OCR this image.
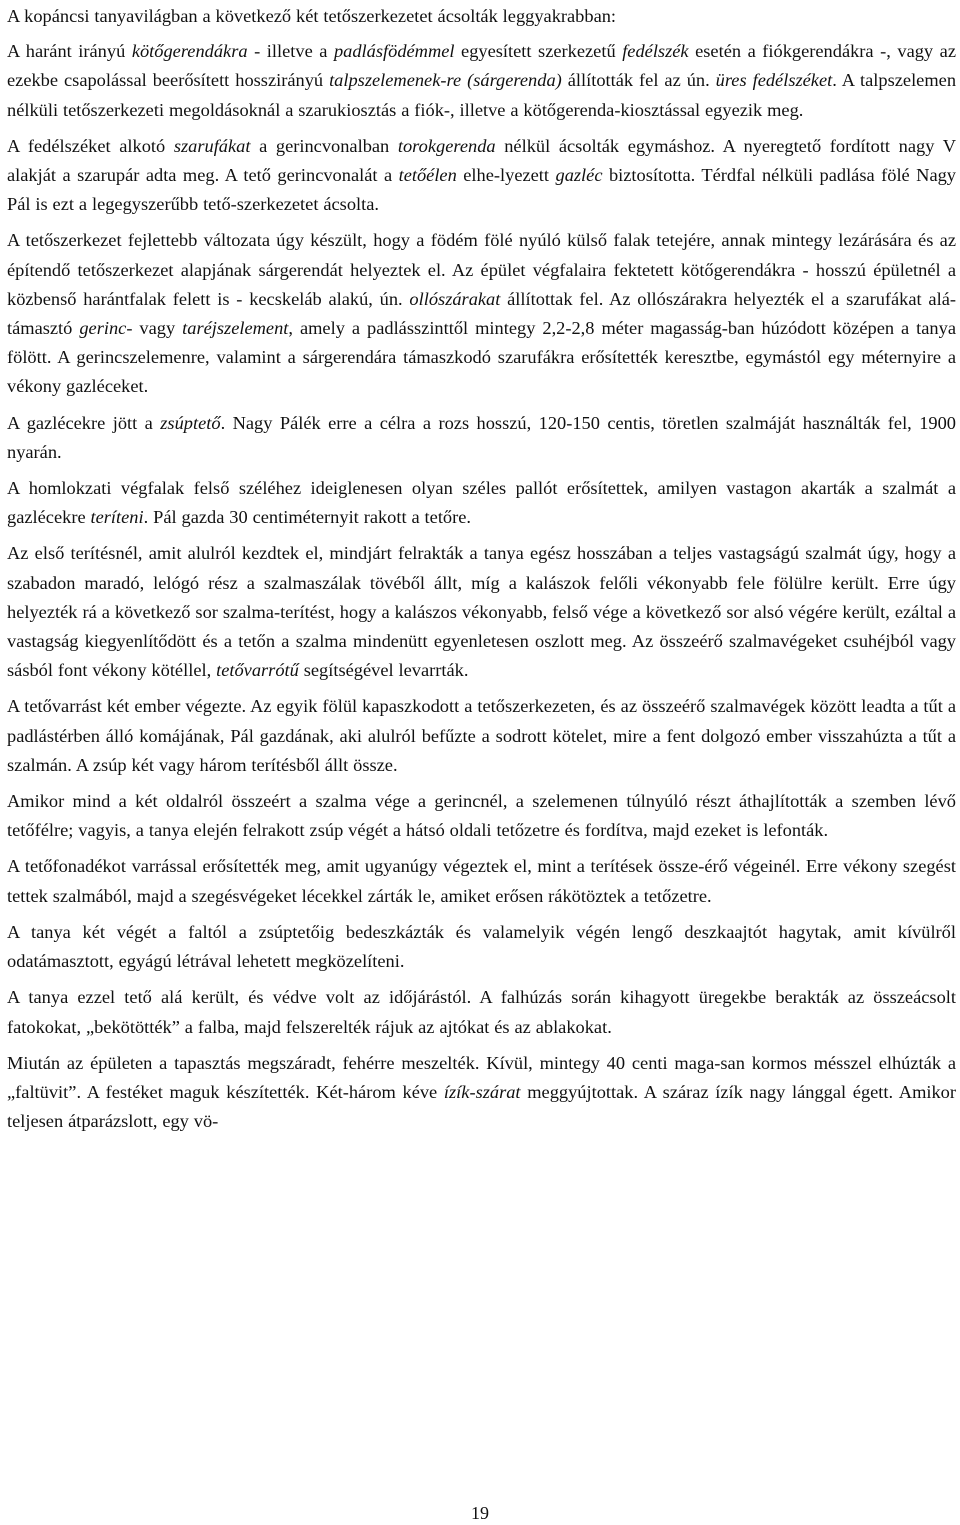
A kopáncsi tanyavilágban a következő két tetőszerkezetet ácsolták leggyakrabban:

A haránt irányú kötőgerendákra - illetve a padlásfödémmel egyesített szerkezetű fedélszék esetén a fiókgerendákra -, vagy az ezekbe csapolással beerősített hosszirányú talpszelemenek-re (sárgerenda) állították fel az ún. üres fedélszéket. A talpszelemen nélküli tetőszerkezeti megoldásoknál a szarukiosztás a fiók-, illetve a kötőgerenda-kiosztással egyezik meg.

A fedélszéket alkotó szarufákat a gerincvonalban torokgerenda nélkül ácsolták egymáshoz. A nyeregtető fordított nagy V alakját a szarupár adta meg. A tető gerincvonalát a tetőélen elhe-lyezett gazléc biztosította. Térdfal nélküli padlása fölé Nagy Pál is ezt a legegyszerűbb tető-szerkezetet ácsolta.

A tetőszerkezet fejlettebb változata úgy készült, hogy a födém fölé nyúló külső falak tetejére, annak mintegy lezárására és az építendő tetőszerkezet alapjának sárgerendát helyeztek el. Az épület végfalaira fektetett kötőgerendákra - hosszú épületnél a közbenső harántfalak felett is - kecskeláb alakú, ún. ollószárakat állítottak fel. Az ollószárakra helyezték el a szarufákat alá-támasztó gerinc- vagy taréjszelement, amely a padlásszinttől mintegy 2,2-2,8 méter magasság-ban húzódott középen a tanya fölött. A gerincszelemenre, valamint a sárgerendára támaszkodó szarufákra erősítették keresztbe, egymástól egy méternyire a vékony gazléceket.

A gazlécekre jött a zsúptető. Nagy Pálék erre a célra a rozs hosszú, 120-150 centis, töretlen szalmáját használták fel, 1900 nyarán.

A homlokzati végfalak felső széléhez ideiglenesen olyan széles pallót erősítettek, amilyen vastagon akarták a szalmát a gazlécekre teríteni. Pál gazda 30 centiméternyit rakott a tetőre.

Az első terítésnél, amit alulról kezdtek el, mindjárt felrakták a tanya egész hosszában a teljes vastagságú szalmát úgy, hogy a szabadon maradó, lelógó rész a szalmaszálak tövéből állt, míg a kalászok felőli vékonyabb fele fölülre került. Erre úgy helyezték rá a következő sor szalma-terítést, hogy a kalászos vékonyabb, felső vége a következő sor alsó végére került, ezáltal a vastagság kiegyenlítődött és a tetőn a szalma mindenütt egyenletesen oszlott meg. Az összeérő szalmavégeket csuhéjból vagy sásból font vékony kötéllel, tetővarrótű segítségével levarrták.

A tetővarrást két ember végezte. Az egyik fölül kapaszkodott a tetőszerkezeten, és az összeérő szalmavégek között leadta a tűt a padlástérben álló komájának, Pál gazdának, aki alulról befűzte a sodrott kötelet, mire a fent dolgozó ember visszahúzta a tűt a szalmán. A zsúp két vagy három terítésből állt össze.

Amikor mind a két oldalról összeért a szalma vége a gerincnél, a szelemenen túlnyúló részt áthajlították a szemben lévő tetőfélre; vagyis, a tanya elején felrakott zsúp végét a hátsó oldali tetőzetre és fordítva, majd ezeket is lefonták.

A tetőfonadékot varrással erősítették meg, amit ugyanúgy végeztek el, mint a terítések össze-érő végeinél. Erre vékony szegést tettek szalmából, majd a szegésvégeket lécekkel zárták le, amiket erősen rákötöztek a tetőzetre.

A tanya két végét a faltól a zsúptetőig bedeszkázták és valamelyik végén lengő deszkaajtót hagytak, amit kívülről odatámasztott, egyágú létrával lehetett megközelíteni.

A tanya ezzel tető alá került, és védve volt az időjárástól. A falhúzás során kihagyott üregekbe berakták az összeácsolt fatokokat, „bekötötték” a falba, majd felszerelték rájuk az ajtókat és az ablakokat.

Miután az épületen a tapasztás megszáradt, fehérre meszelték. Kívül, mintegy 40 centi maga-san kormos mésszel elhúzták a „faltüvit”. A festéket maguk készítették. Két-három kéve ízík-szárat meggyújtottak. A száraz ízík nagy lánggal égett. Amikor teljesen átparázslott, egy vö-

19
